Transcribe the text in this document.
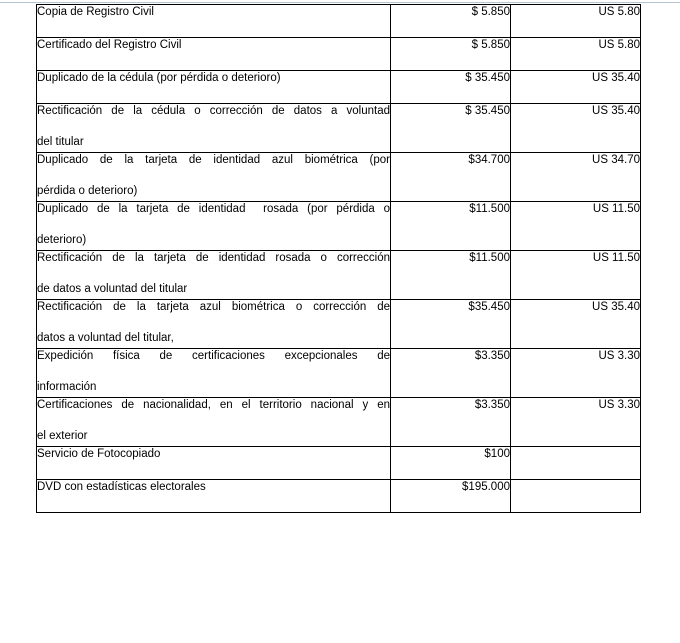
Copia de Registro Civil	$ 5.850	US 5.80

Certificado del Registro Civil	$ 5.850	US 5.80

Duplicado de la cédula (por pérdida o deterioro)	$ 35.450	US 35.40

Rectificación de la cédula o corrección de datos a voluntad
del titular	$ 35.450	US 35.40

Duplicado de la tarjeta de identidad azul biométrica (por
pérdida o deterioro)	$34.700	US 34.70

Duplicado de la tarjeta de identidad  rosada (por pérdida o
deterioro)	$11.500	US 11.50

Rectificación de la tarjeta de identidad rosada o corrección
de datos a voluntad del titular	$11.500	US 11.50

Rectificación de la tarjeta azul biométrica o corrección de
datos a voluntad del titular,	$35.450	US 35.40

Expedición física de certificaciones excepcionales de
información	$3.350	US 3.30

Certificaciones de nacionalidad, en el territorio nacional y en
el exterior	$3.350	US 3.30

Servicio de Fotocopiado	$100	

DVD con estadísticas electorales	$195.000	
